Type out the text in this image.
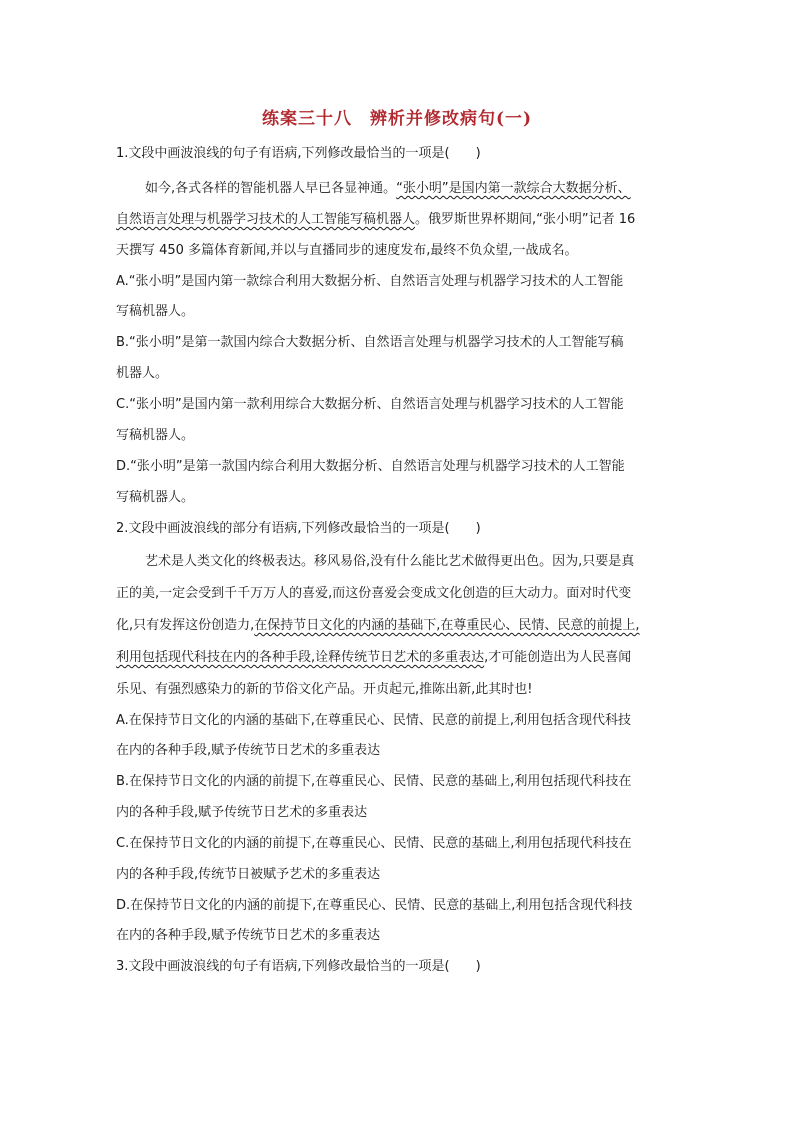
练案三十八　辨析并修改病句(一)
1.文段中画波浪线的句子有语病,下列修改最恰当的一项是(　　)
如今,各式各样的智能机器人早已各显神通。“张小明”是国内第一款综合大数据分析、
自然语言处理与机器学习技术的人工智能写稿机器人。俄罗斯世界杯期间,“张小明”记者 16
天撰写 450 多篇体育新闻,并以与直播同步的速度发布,最终不负众望,一战成名。
A.“张小明”是国内第一款综合利用大数据分析、自然语言处理与机器学习技术的人工智能
写稿机器人。
B.“张小明”是第一款国内综合大数据分析、自然语言处理与机器学习技术的人工智能写稿
机器人。
C.“张小明”是国内第一款利用综合大数据分析、自然语言处理与机器学习技术的人工智能
写稿机器人。
D.“张小明”是第一款国内综合利用大数据分析、自然语言处理与机器学习技术的人工智能
写稿机器人。
2.文段中画波浪线的部分有语病,下列修改最恰当的一项是(　　)
艺术是人类文化的终极表达。移风易俗,没有什么能比艺术做得更出色。因为,只要是真
正的美,一定会受到千千万万人的喜爱,而这份喜爱会变成文化创造的巨大动力。面对时代变
化,只有发挥这份创造力,在保持节日文化的内涵的基础下,在尊重民心、民情、民意的前提上,
利用包括现代科技在内的各种手段,诠释传统节日艺术的多重表达,才可能创造出为人民喜闻
乐见、有强烈感染力的新的节俗文化产品。开贞起元,推陈出新,此其时也!
A.在保持节日文化的内涵的基础下,在尊重民心、民情、民意的前提上,利用包括含现代科技
在内的各种手段,赋予传统节日艺术的多重表达
B.在保持节日文化的内涵的前提下,在尊重民心、民情、民意的基础上,利用包括现代科技在
内的各种手段,赋予传统节日艺术的多重表达
C.在保持节日文化的内涵的前提下,在尊重民心、民情、民意的基础上,利用包括现代科技在
内的各种手段,传统节日被赋予艺术的多重表达
D.在保持节日文化的内涵的前提下,在尊重民心、民情、民意的基础上,利用包括含现代科技
在内的各种手段,赋予传统节日艺术的多重表达
3.文段中画波浪线的句子有语病,下列修改最恰当的一项是(　　)
